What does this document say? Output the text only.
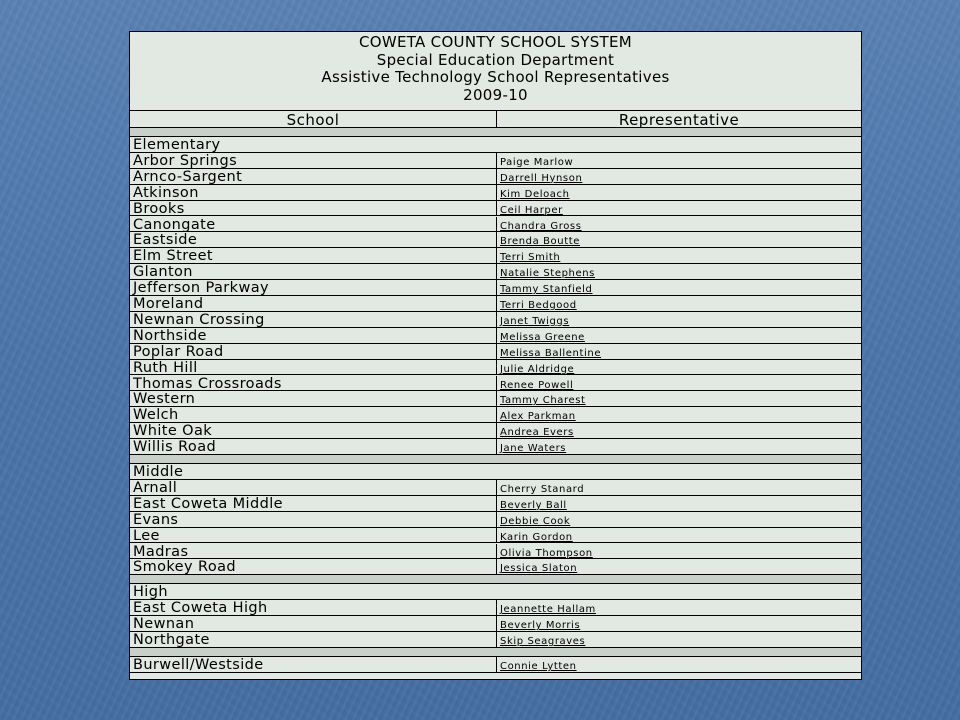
COWETA COUNTY SCHOOL SYSTEM
Special Education Department
Assistive Technology School Representatives
2009-10
School	Representative
Elementary
Arbor Springs	Paige Marlow
Arnco-Sargent	Darrell Hynson
Atkinson	Kim Deloach
Brooks	Ceil Harper
Canongate	Chandra Gross
Eastside	Brenda Boutte
Elm Street	Terri Smith
Glanton	Natalie Stephens
Jefferson Parkway	Tammy Stanfield
Moreland	Terri Bedgood
Newnan Crossing	Janet Twiggs
Northside	Melissa Greene
Poplar Road	Melissa Ballentine
Ruth Hill	Julie Aldridge
Thomas Crossroads	Renee Powell
Western	Tammy Charest
Welch	Alex Parkman
White Oak	Andrea Evers
Willis Road	Jane Waters
Middle
Arnall	Cherry Stanard
East Coweta Middle	Beverly Ball
Evans	Debbie Cook
Lee	Karin Gordon
Madras	Olivia Thompson
Smokey Road	Jessica Slaton
High
East Coweta High	Jeannette Hallam
Newnan	Beverly Morris
Northgate	Skip Seagraves
Burwell/Westside	Connie Lytten
